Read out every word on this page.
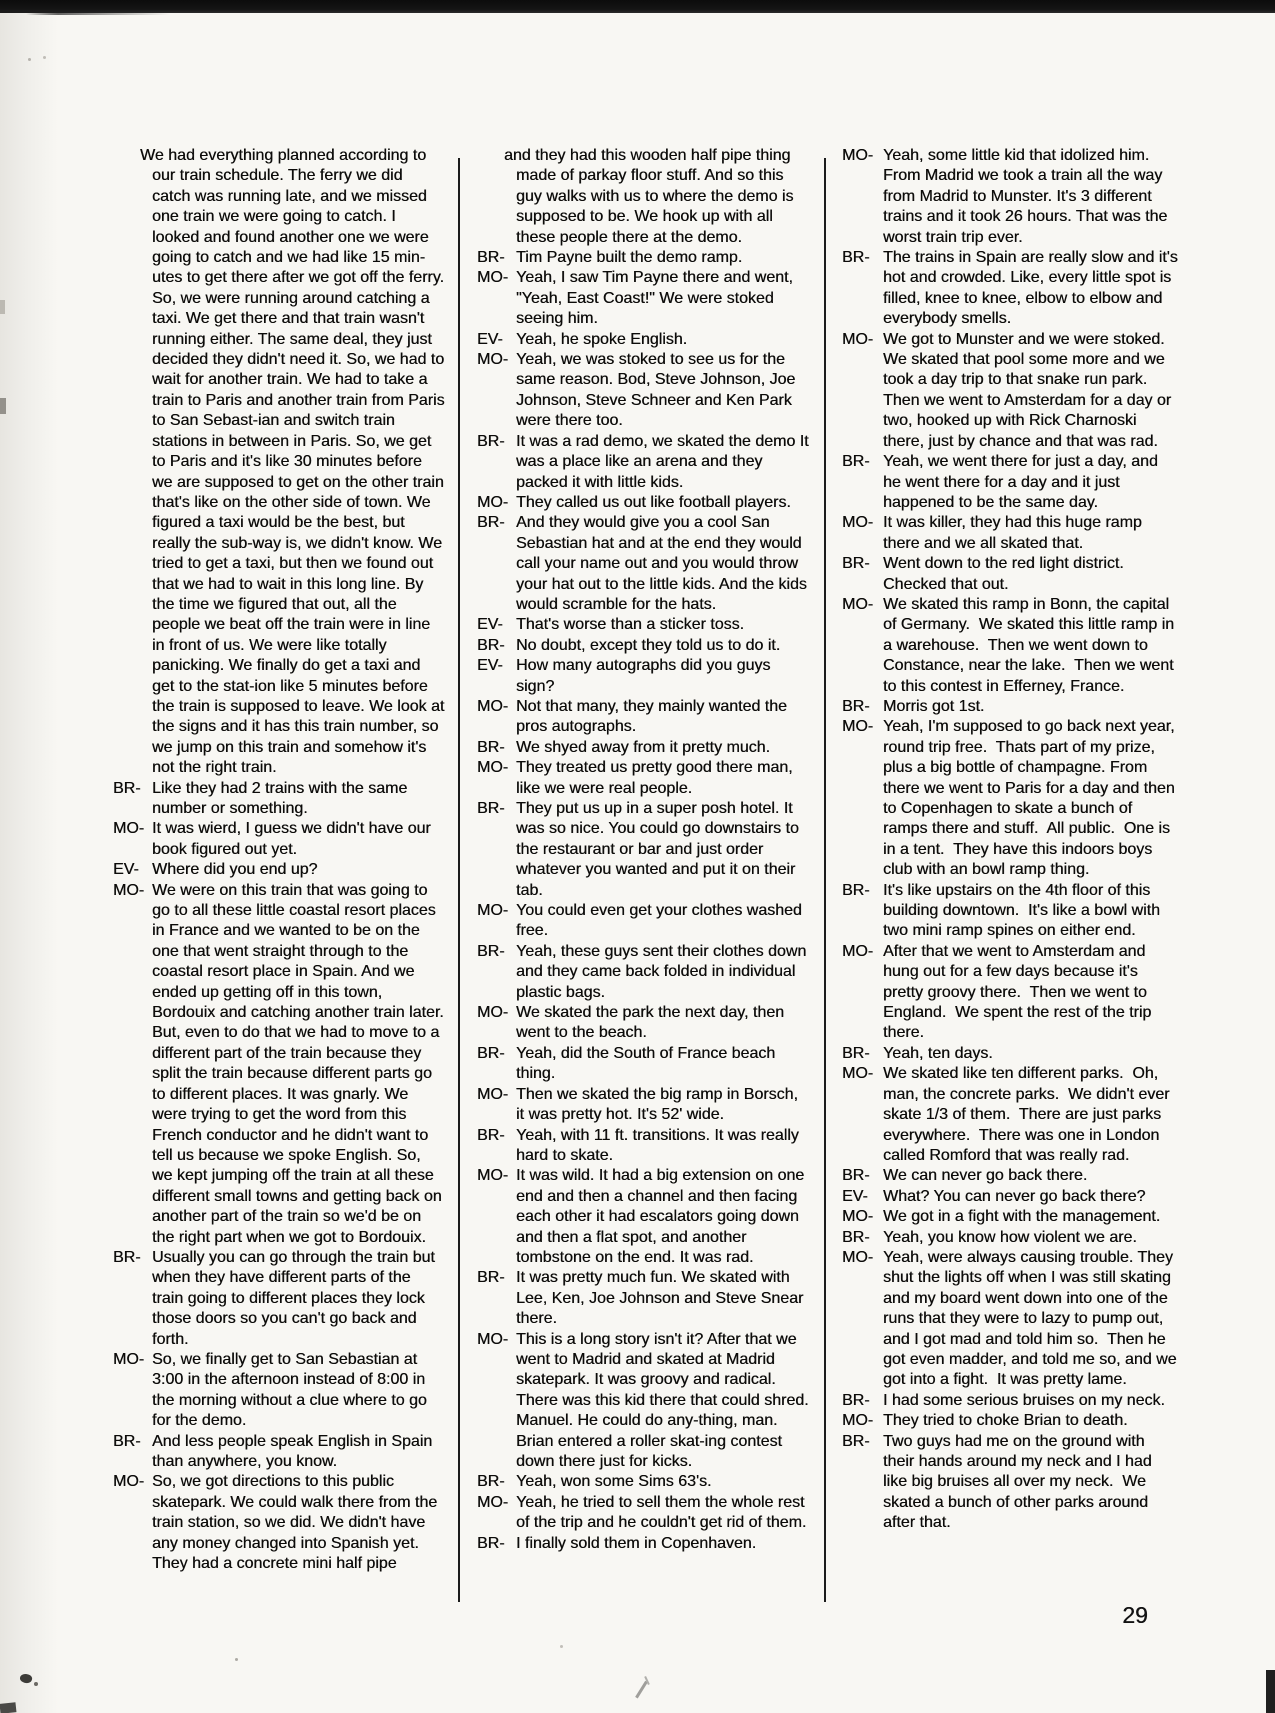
We had everything planned according to our train schedule. The ferry we did catch was running late, and we missed one train we were going to catch. I looked and found another one we were going to catch and we had like 15 min-utes to get there after we got off the ferry. So, we were running around catching a taxi. We get there and that train wasn't running either. The same deal, they just decided they didn't need it. So, we had to wait for another train. We had to take a train to Paris and another train from Paris to San Sebast-ian and switch train stations in between in Paris. So, we get to Paris and it's like 30 minutes before we are supposed to get on the other train that's like on the other side of town. We figured a taxi would be the best, but really the sub-way is, we didn't know. We tried to get a taxi, but then we found out that we had to wait in this long line. By the time we figured that out, all the people we beat off the train were in line in front of us. We were like totally panicking. We finally do get a taxi and get to the stat-ion like 5 minutes before the train is supposed to leave. We look at the signs and it has this train number, so we jump on this train and somehow it's not the right train.
BR- Like they had 2 trains with the same number or something.
MO- It was wierd, I guess we didn't have our book figured out yet.
EV- Where did you end up?
MO- We were on this train that was going to go to all these little coastal resort places in France and we wanted to be on the one that went straight through to the coastal resort place in Spain. And we ended up getting off in this town, Bordouix and catching another train later. But, even to do that we had to move to a different part of the train because they split the train because different parts go to different places. It was gnarly. We were trying to get the word from this French conductor and he didn't want to tell us because we spoke English. So, we kept jumping off the train at all these different small towns and getting back on another part of the train so we'd be on the right part when we got to Bordouix.
BR- Usually you can go through the train but when they have different parts of the train going to different places they lock those doors so you can't go back and forth.
MO- So, we finally get to San Sebastian at 3:00 in the afternoon instead of 8:00 in the morning without a clue where to go for the demo.
BR- And less people speak English in Spain than anywhere, you know.
MO- So, we got directions to this public skatepark. We could walk there from the train station, so we did. We didn't have any money changed into Spanish yet. They had a concrete mini half pipe
and they had this wooden half pipe thing made of parkay floor stuff. And so this guy walks with us to where the demo is supposed to be. We hook up with all these people there at the demo.
BR- Tim Payne built the demo ramp.
MO- Yeah, I saw Tim Payne there and went, "Yeah, East Coast!" We were stoked seeing him.
EV- Yeah, he spoke English.
MO- Yeah, we was stoked to see us for the same reason. Bod, Steve Johnson, Joe Johnson, Steve Schneer and Ken Park were there too.
BR- It was a rad demo, we skated the demo It was a place like an arena and they packed it with little kids.
MO- They called us out like football players.
BR- And they would give you a cool San Sebastian hat and at the end they would call your name out and you would throw your hat out to the little kids. And the kids would scramble for the hats.
EV- That's worse than a sticker toss.
BR- No doubt, except they told us to do it.
EV- How many autographs did you guys sign?
MO- Not that many, they mainly wanted the pros autographs.
BR- We shyed away from it pretty much.
MO- They treated us pretty good there man, like we were real people.
BR- They put us up in a super posh hotel. It was so nice. You could go downstairs to the restaurant or bar and just order whatever you wanted and put it on their tab.
MO- You could even get your clothes washed free.
BR- Yeah, these guys sent their clothes down and they came back folded in individual plastic bags.
MO- We skated the park the next day, then went to the beach.
BR- Yeah, did the South of France beach thing.
MO- Then we skated the big ramp in Borsch, it was pretty hot. It's 52' wide.
BR- Yeah, with 11 ft. transitions. It was really hard to skate.
MO- It was wild. It had a big extension on one end and then a channel and then facing each other it had escalators going down and then a flat spot, and another tombstone on the end. It was rad.
BR- It was pretty much fun. We skated with Lee, Ken, Joe Johnson and Steve Snear there.
MO- This is a long story isn't it? After that we went to Madrid and skated at Madrid skatepark. It was groovy and radical. There was this kid there that could shred. Manuel. He could do any-thing, man. Brian entered a roller skat-ing contest down there just for kicks.
BR- Yeah, won some Sims 63's.
MO- Yeah, he tried to sell them the whole rest of the trip and he couldn't get rid of them.
BR- I finally sold them in Copenhaven.
MO- Yeah, some little kid that idolized him. From Madrid we took a train all the way from Madrid to Munster. It's 3 different trains and it took 26 hours. That was the worst train trip ever.
BR- The trains in Spain are really slow and it's hot and crowded. Like, every little spot is filled, knee to knee, elbow to elbow and everybody smells.
MO- We got to Munster and we were stoked.  We skated that pool some more and we took a day trip to that snake run park.  Then we went to Amsterdam for a day or two, hooked up with Rick Charnoski there, just by chance and that was rad.
BR- Yeah, we went there for just a day, and he went there for a day and it just happened to be the same day.
MO- It was killer, they had this huge ramp there and we all skated that.
BR- Went down to the red light district. Checked that out.
MO- We skated this ramp in Bonn, the capital of Germany.  We skated this little ramp in a warehouse.  Then we went down to Constance, near the lake.  Then we went to this contest in Efferney, France.
BR- Morris got 1st.
MO- Yeah, I'm supposed to go back next year, round trip free.  Thats part of my prize, plus a big bottle of champagne. From there we went to Paris for a day and then to Copenhagen to skate a bunch of ramps there and stuff.  All public.  One is in a tent.  They have this indoors boys club with an bowl ramp thing.
BR- It's like upstairs on the 4th floor of this building downtown.  It's like a bowl with two mini ramp spines on either end.
MO- After that we went to Amsterdam and hung out for a few days because it's pretty groovy there.  Then we went to England.  We spent the rest of the trip there.
BR- Yeah, ten days.
MO- We skated like ten different parks.  Oh, man, the concrete parks.  We didn't ever skate 1/3 of them.  There are just parks everywhere.  There was one in London called Romford that was really rad.
BR- We can never go back there.
EV- What? You can never go back there?
MO- We got in a fight with the management.
BR- Yeah, you know how violent we are.
MO- Yeah, were always causing trouble. They shut the lights off when I was still skating and my board went down into one of the runs that they were to lazy to pump out, and I got mad and told him so.  Then he got even madder, and told me so, and we got into a fight.  It was pretty lame.
BR- I had some serious bruises on my neck.
MO- They tried to choke Brian to death.
BR- Two guys had me on the ground with their hands around my neck and I had like big bruises all over my neck.  We skated a bunch of other parks around after that.
29
